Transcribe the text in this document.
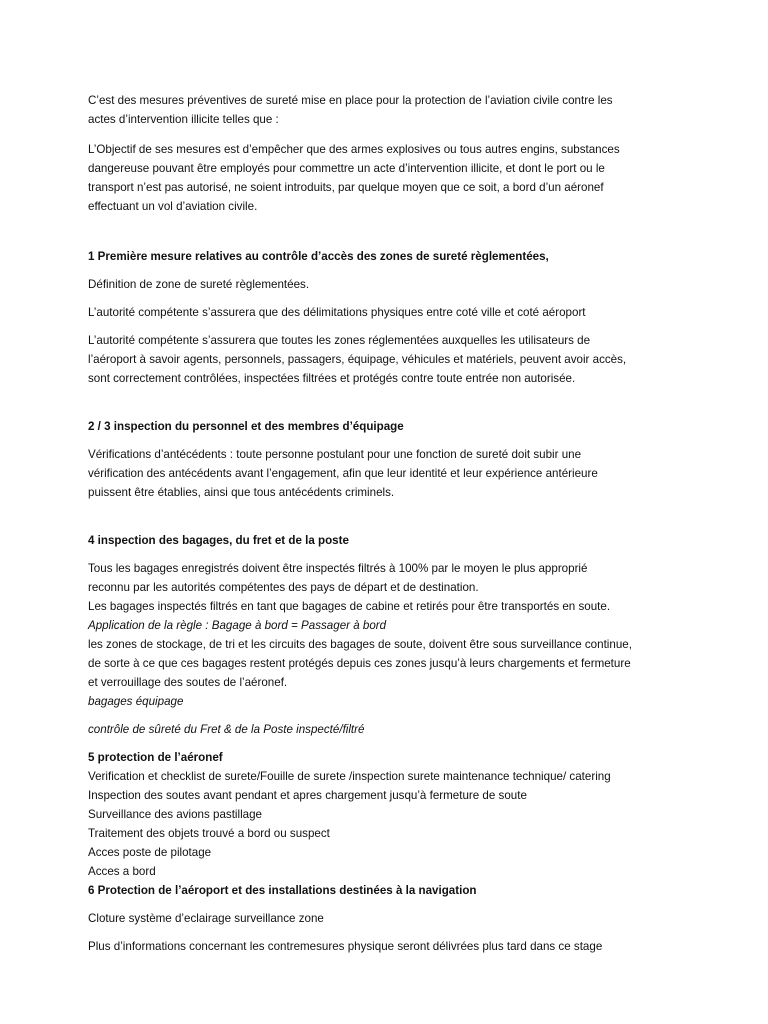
C’est des mesures préventives de sureté mise en place pour la protection de l’aviation civile contre les
actes d’intervention illicite telles que :
L’Objectif de ses mesures est d’empêcher que des armes explosives ou tous autres engins, substances
dangereuse pouvant être employés pour commettre un acte d’intervention illicite, et dont le port ou le
transport n’est pas autorisé, ne soient introduits, par quelque moyen que ce soit, a bord d’un aéronef
effectuant un vol d’aviation civile.
1 Première mesure relatives au contrôle d’accès des zones de sureté règlementées,
Définition de zone de sureté règlementées.
L’autorité compétente s’assurera que des délimitations physiques entre coté ville et coté aéroport
L’autorité compétente s’assurera que toutes les zones réglementées auxquelles les utilisateurs de
l’aéroport à savoir agents, personnels, passagers, équipage, véhicules et matériels, peuvent avoir accès,
sont correctement contrôlées, inspectées filtrées et protégés contre toute entrée non autorisée.
2 / 3 inspection du personnel et des membres d’équipage
Vérifications d’antécédents : toute personne postulant pour une fonction de sureté doit subir une
vérification des antécédents avant l’engagement, afin que leur identité et leur expérience antérieure
puissent être établies, ainsi que tous antécédents criminels.
4 inspection des bagages, du fret et de la poste
Tous les bagages enregistrés doivent être inspectés filtrés à 100% par le moyen le plus approprié
reconnu par les autorités compétentes des pays de départ et de destination.
Les bagages inspectés filtrés en tant que bagages de cabine et retirés pour être transportés en soute.
Application de la règle : Bagage à bord = Passager à bord
les zones de stockage, de tri et les circuits des bagages de soute, doivent être sous surveillance continue,
de sorte à ce que ces bagages restent protégés depuis ces zones jusqu’à leurs chargements et fermeture
et verrouillage des soutes de l’aéronef.
bagages équipage
contrôle de sûreté du Fret & de la Poste inspecté/filtré
5 protection de l’aéronef
Verification et checklist de surete/Fouille de surete /inspection surete maintenance technique/ catering
Inspection des soutes avant pendant et apres chargement jusqu’à fermeture de soute
Surveillance des avions pastillage
Traitement des objets trouvé a bord ou suspect
Acces poste de pilotage
Acces a bord
6 Protection de l’aéroport et des installations destinées à la navigation
Cloture système d’eclairage surveillance zone
Plus d’informations concernant les contremesures physique seront délivrées plus tard dans ce stage
